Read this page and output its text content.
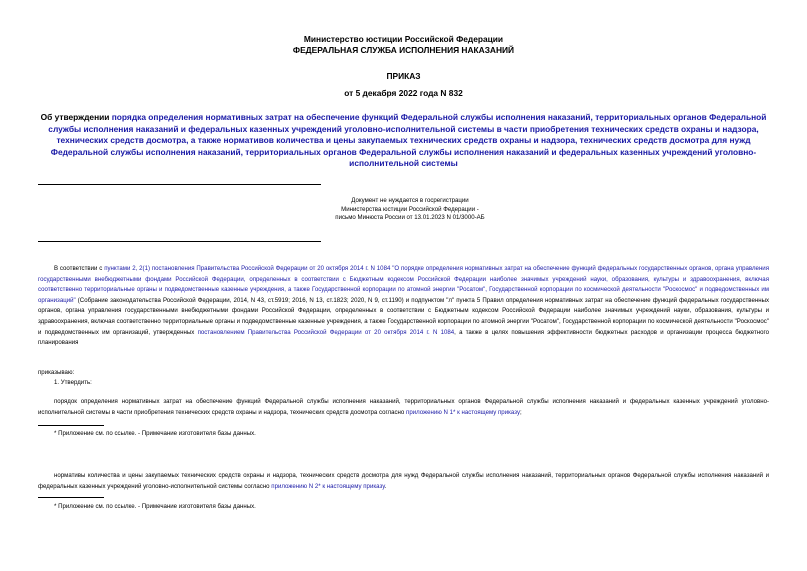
Министерство юстиции Российской Федерации
ФЕДЕРАЛЬНАЯ СЛУЖБА ИСПОЛНЕНИЯ НАКАЗАНИЙ
ПРИКАЗ
от 5 декабря 2022 года N 832
Об утверждении порядка определения нормативных затрат на обеспечение функций Федеральной службы исполнения наказаний, территориальных органов Федеральной службы исполнения наказаний и федеральных казенных учреждений уголовно-исполнительной системы в части приобретения технических средств охраны и надзора, технических средств досмотра, а также нормативов количества и цены закупаемых технических средств охраны и надзора, технических средств досмотра для нужд Федеральной службы исполнения наказаний, территориальных органов Федеральной службы исполнения наказаний и федеральных казенных учреждений уголовно-исполнительной системы
Документ не нуждается в госрегистрации
Министерства юстиции Российской Федерации -
письмо Минюста России от 13.01.2023 N 01/3000-АБ
В соответствии с пунктами 2, 2(1) постановления Правительства Российской Федерации от 20 октября 2014 г. N 1084 "О порядке определения нормативных затрат на обеспечение функций федеральных государственных органов, органа управления государственными внебюджетными фондами Российской Федерации, определенных в соответствии с Бюджетным кодексом Российской Федерации наиболее значимых учреждений науки, образования, культуры и здравоохранения, включая соответственно территориальные органы и подведомственные казенные учреждения, а также Государственной корпорации по атомной энергии "Росатом", Государственной корпорации по космической деятельности "Роскосмос" и подведомственных им организаций" (Собрание законодательства Российской Федерации, 2014, N 43, ст.5919; 2016, N 13, ст.1823; 2020, N 9, ст.1190) и подпунктом "л" пункта 5 Правил определения нормативных затрат на обеспечение функций федеральных государственных органов, органа управления государственными внебюджетными фондами Российской Федерации, определенных в соответствии с Бюджетным кодексом Российской Федерации наиболее значимых учреждений науки, образования, культуры и здравоохранения, включая соответственно территориальные органы и подведомственные казенные учреждения, а также Государственной корпорации по атомной энергии "Росатом", Государственной корпорации по космической деятельности "Роскосмос" и подведомственных им организаций, утвержденных постановлением Правительства Российской Федерации от 20 октября 2014 г. N 1084, а также в целях повышения эффективности бюджетных расходов и организации процесса бюджетного планирования
приказываю:
1. Утвердить:
порядок определения нормативных затрат на обеспечение функций Федеральной службы исполнения наказаний, территориальных органов Федеральной службы исполнения наказаний и федеральных казенных учреждений уголовно-исполнительной системы в части приобретения технических средств охраны и надзора, технических средств досмотра согласно приложению N 1* к настоящему приказу;
* Приложение см. по ссылке. - Примечание изготовителя базы данных.
нормативы количества и цены закупаемых технических средств охраны и надзора, технических средств досмотра для нужд Федеральной службы исполнения наказаний, территориальных органов Федеральной службы исполнения наказаний и федеральных казенных учреждений уголовно-исполнительной системы согласно приложению N 2* к настоящему приказу.
* Приложение см. по ссылке. - Примечание изготовителя базы данных.
